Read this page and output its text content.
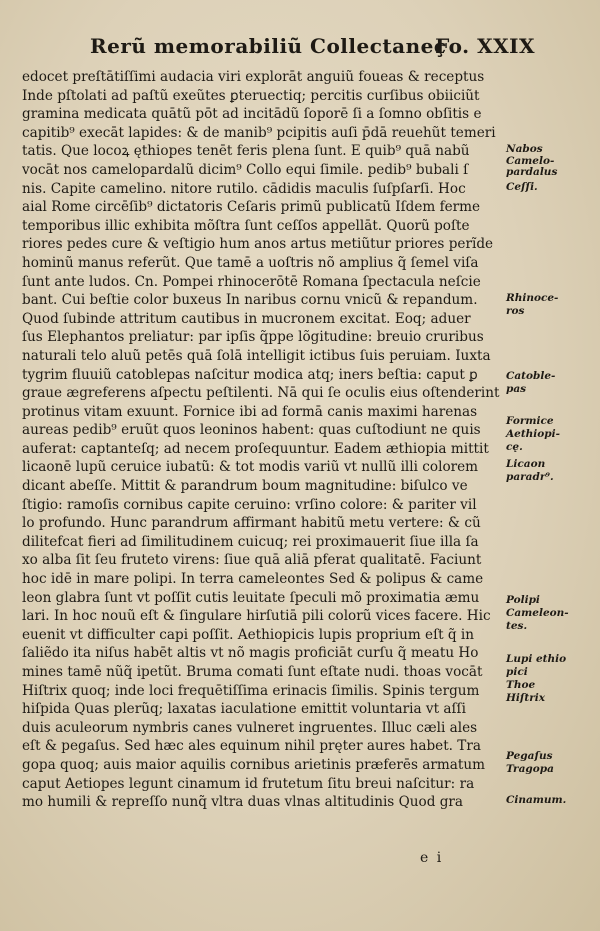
Rerũ memorabiliũ Collectaneç
Fo. XXIX
edocet preſtātiſſimi audacia viri explorāt anguiũ foueas & receptus
Inde pſtolati ad paſtũ exeũtes ꝑteruectiq; percitis curſibus obiiciũt
gramina medicata quātũ pōt ad incitādũ ſoporē ſi a ſomno obſitis e
capitib⁹ execāt lapides: & de manib⁹ pcipitis auſi p̄dā reuehũt temeri
tatis. Que locoꝝ ęthiopes tenēt feris plena ſunt. E quib⁹ quā nabũ
vocāt nos camelopardalũ dicim⁹ Collo equi ſimile. pedib⁹ bubali ſ
nis. Capite camelino. nitore rutilo. cādidis maculis ſuſpſarſi. Hoc
aial Rome circēſib⁹ dictatoris Ceſaris primũ publicatũ Iſdem ferme
temporibus illic exhibita mõſtra ſunt ceſſos appellāt. Quorũ poſte
riores pedes cure & veſtigio hum anos artus metiũtur priores perĩde
hominũ manus referũt. Que tamē a uoſtris nõ amplius q̃ ſemel viſa
ſunt ante ludos. Cn. Pompei rhinocerōtē Romana ſpectacula neſcie
bant. Cui beſtie color buxeus In naribus cornu vnicũ & repandum.
Quod ſubinde attritum cautibus in mucronem excitat. Eoq; aduer
ſus Elephantos preliatur: par ipſis q̃ppe lõgitudine: breuio cruribus
naturali telo aluũ petēs quā ſolā intelligit ictibus ſuis peruiam. Iuxta
tygrim fluuiũ catoblepas naſcitur modica atq; iners beſtia: caput ꝑ
graue ægreferens aſpectu peſtilenti. Nā qui ſe oculis eius oſtenderint
protinus vitam exuunt. Fornice ibi ad formā canis maximi harenas
aureas pedib⁹ eruũt quos leoninos habent: quas cuſtodiunt ne quis
auferat: captanteſq; ad necem proſequuntur. Eadem æthiopia mittit
licaonē lupũ ceruice iubatũ: & tot modis variũ vt nullũ illi colorem
dicant abeſſe. Mittit & parandrum boum magnitudine: biſulco ve
ſtigio: ramoſis cornibus capite ceruino: vrſino colore: & pariter vil
lo profundo. Hunc parandrum affirmant habitũ metu vertere: & cũ
dilitefcat fieri ad ſimilitudinem cuicuq; rei proximauerit ſiue illa ſa
xo alba ſit ſeu fruteto virens: ſiue quā aliā pferat qualitatē. Faciunt
hoc idē in mare polipi. In terra cameleontes Sed & polipus & came
leon glabra ſunt vt poſſit cutis leuitate ſpeculi mõ proximatia æmu
lari. In hoc nouũ eſt & ſingulare hirſutiā pili colorũ vices facere. Hic
euenit vt difficulter capi poſſit. Aethiopicis lupis proprium eſt q̃ in
ſaliẽdo ita niſus habēt altis vt nõ magis proficiāt curſu q̃ meatu Ho
mines tamē nũq̃ ipetũt. Bruma comati ſunt eſtate nudi. thoas vocāt
Hiſtrix quoq; inde loci frequētiſſima erinacis ſimilis. Spinis tergum
hiſpida Quas plerũq; laxatas iaculatione emittit voluntaria vt aſſi
duis aculeorum nymbris canes vulneret ingruentes. Illuc cæli ales
eſt & pegaſus. Sed hæc ales equinum nihil pręter aures habet. Tra
gopa quoq; auis maior aquilis cornibus arietinis præferēs armatum
caput Aetiopes legunt cinamum id frutetum ſitu breui naſcitur: ra
mo humili & repreſſo nunq̃ vltra duas vlnas altitudinis Quod gra
Nabos
Camelo-
pardalus
Ceſſi.
Rhinoce-
ros
Catoble-
pas
Formice
Aethiopi-
cę.
Licaon
paradr⁹.
Polipi
Cameleon-
tes.
Lupi ethio
pici
Thoe
Hiſtrix
Pegaſus
Tragopa
Cinamum.
e i
